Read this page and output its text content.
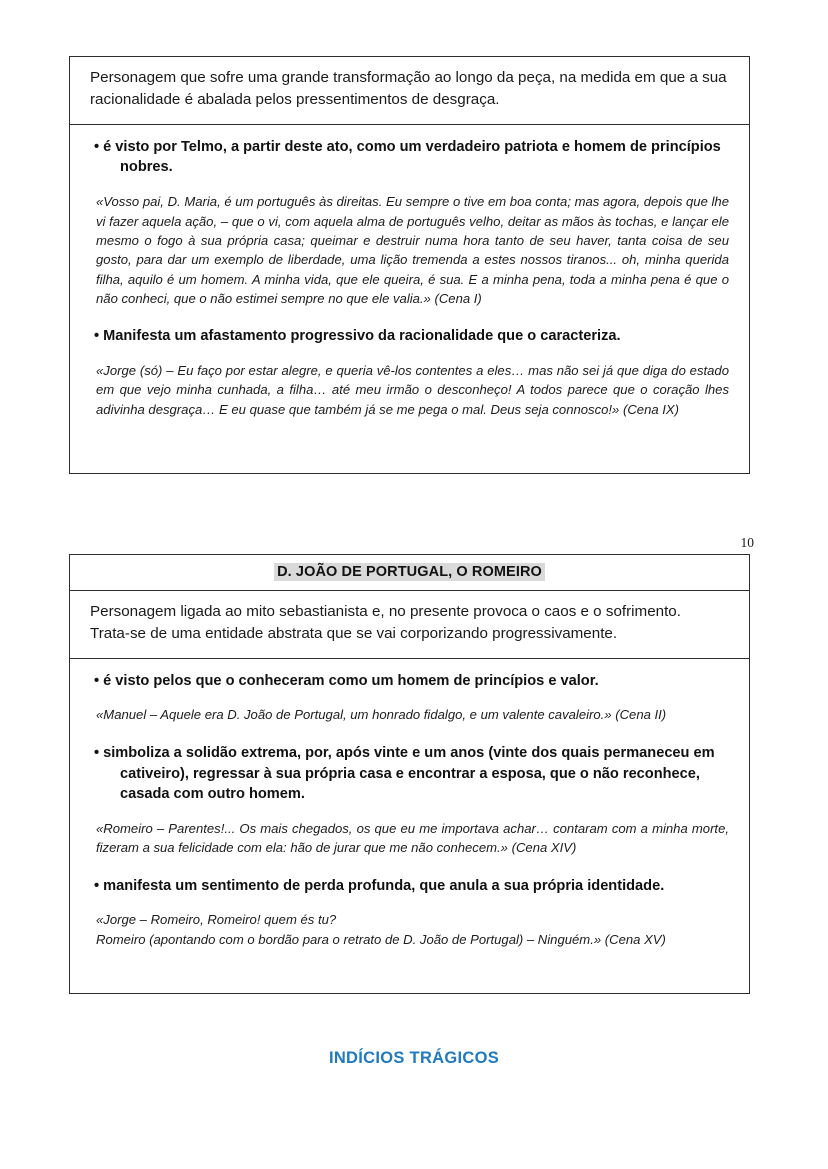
Personagem que sofre uma grande transformação ao longo da peça, na medida em que a sua
racionalidade é abalada pelos pressentimentos de desgraça.

• é visto por Telmo, a partir deste ato, como um verdadeiro patriota e homem de princípios
nobres.

«Vosso pai, D. Maria, é um português às direitas. Eu sempre o tive em boa conta; mas agora, depois que lhe vi fazer aquela ação, – que o vi, com aquela alma de português velho, deitar as mãos às tochas, e lançar ele mesmo o fogo à sua própria casa; queimar e destruir numa hora tanto de seu haver, tanta coisa de seu gosto, para dar um exemplo de liberdade, uma lição tremenda a estes nossos tiranos... oh, minha querida filha, aquilo é um homem. A minha vida, que ele queira, é sua. E a minha pena, toda a minha pena é que o não conheci, que o não estimei sempre no que ele valia.» (Cena I)

• Manifesta um afastamento progressivo da racionalidade que o caracteriza.

«Jorge (só) – Eu faço por estar alegre, e queria vê-los contentes a eles… mas não sei já que diga do estado em que vejo minha cunhada, a filha… até meu irmão o desconheço! A todos parece que o coração lhes adivinha desgraça… E eu quase que também já se me pega o mal. Deus seja connosco!» (Cena IX)

10
D. JOÃO DE PORTUGAL, O ROMEIRO
Personagem ligada ao mito sebastianista e, no presente provoca o caos e o sofrimento.
Trata-se de uma entidade abstrata que se vai corporizando progressivamente.

• é visto pelos que o conheceram como um homem de princípios e valor.

«Manuel – Aquele era D. João de Portugal, um honrado fidalgo, e um valente cavaleiro.» (Cena II)

• simboliza a solidão extrema, por, após vinte e um anos (vinte dos quais permaneceu em
cativeiro), regressar à sua própria casa e encontrar a esposa, que o não reconhece,
casada com outro homem.

«Romeiro – Parentes!... Os mais chegados, os que eu me importava achar… contaram com a minha morte, fizeram a sua felicidade com ela: hão de jurar que me não conhecem.» (Cena XIV)

• manifesta um sentimento de perda profunda, que anula a sua própria identidade.

«Jorge – Romeiro, Romeiro! quem és tu?
Romeiro (apontando com o bordão para o retrato de D. João de Portugal) – Ninguém.» (Cena XV)

INDÍCIOS TRÁGICOS
